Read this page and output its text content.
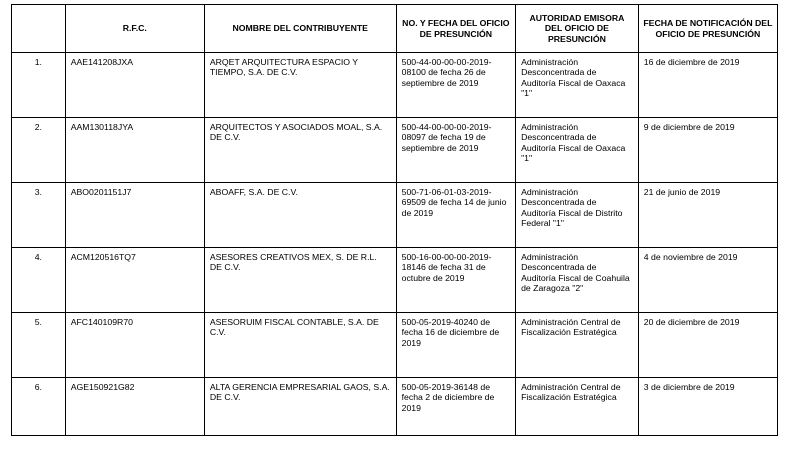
	R.F.C.	NOMBRE DEL CONTRIBUYENTE	NO. Y FECHA DEL OFICIO DE PRESUNCIÓN	AUTORIDAD EMISORA DEL OFICIO DE PRESUNCIÓN	FECHA DE NOTIFICACIÓN DEL OFICIO DE PRESUNCIÓN
1.	AAE141208JXA	ARQET ARQUITECTURA ESPACIO Y TIEMPO, S.A. DE C.V.	500-44-00-00-00-2019-08100 de fecha 26 de septiembre de 2019	Administración Desconcentrada de Auditoría Fiscal de Oaxaca "1"	16 de diciembre de 2019
2.	AAM130118JYA	ARQUITECTOS Y ASOCIADOS MOAL, S.A. DE C.V.	500-44-00-00-00-2019-08097 de fecha 19 de septiembre de 2019	Administración Desconcentrada de Auditoría Fiscal de Oaxaca "1"	9 de diciembre de 2019
3.	ABO0201151J7	ABOAFF, S.A. DE C.V.	500-71-06-01-03-2019-69509 de fecha 14 de junio de 2019	Administración Desconcentrada de Auditoría Fiscal de Distrito Federal "1"	21 de junio de 2019
4.	ACM120516TQ7	ASESORES CREATIVOS MEX, S. DE R.L. DE C.V.	500-16-00-00-00-2019-18146 de fecha 31 de octubre de 2019	Administración Desconcentrada de Auditoría Fiscal de Coahuila de Zaragoza "2"	4 de noviembre de 2019
5.	AFC140109R70	ASESORUIM FISCAL CONTABLE, S.A. DE C.V.	500-05-2019-40240 de fecha 16 de diciembre de 2019	Administración Central de Fiscalización Estratégica	20 de diciembre de 2019
6.	AGE150921G82	ALTA GERENCIA EMPRESARIAL GAOS, S.A. DE C.V.	500-05-2019-36148 de fecha 2 de diciembre de 2019	Administración Central de Fiscalización Estratégica	3 de diciembre de 2019
